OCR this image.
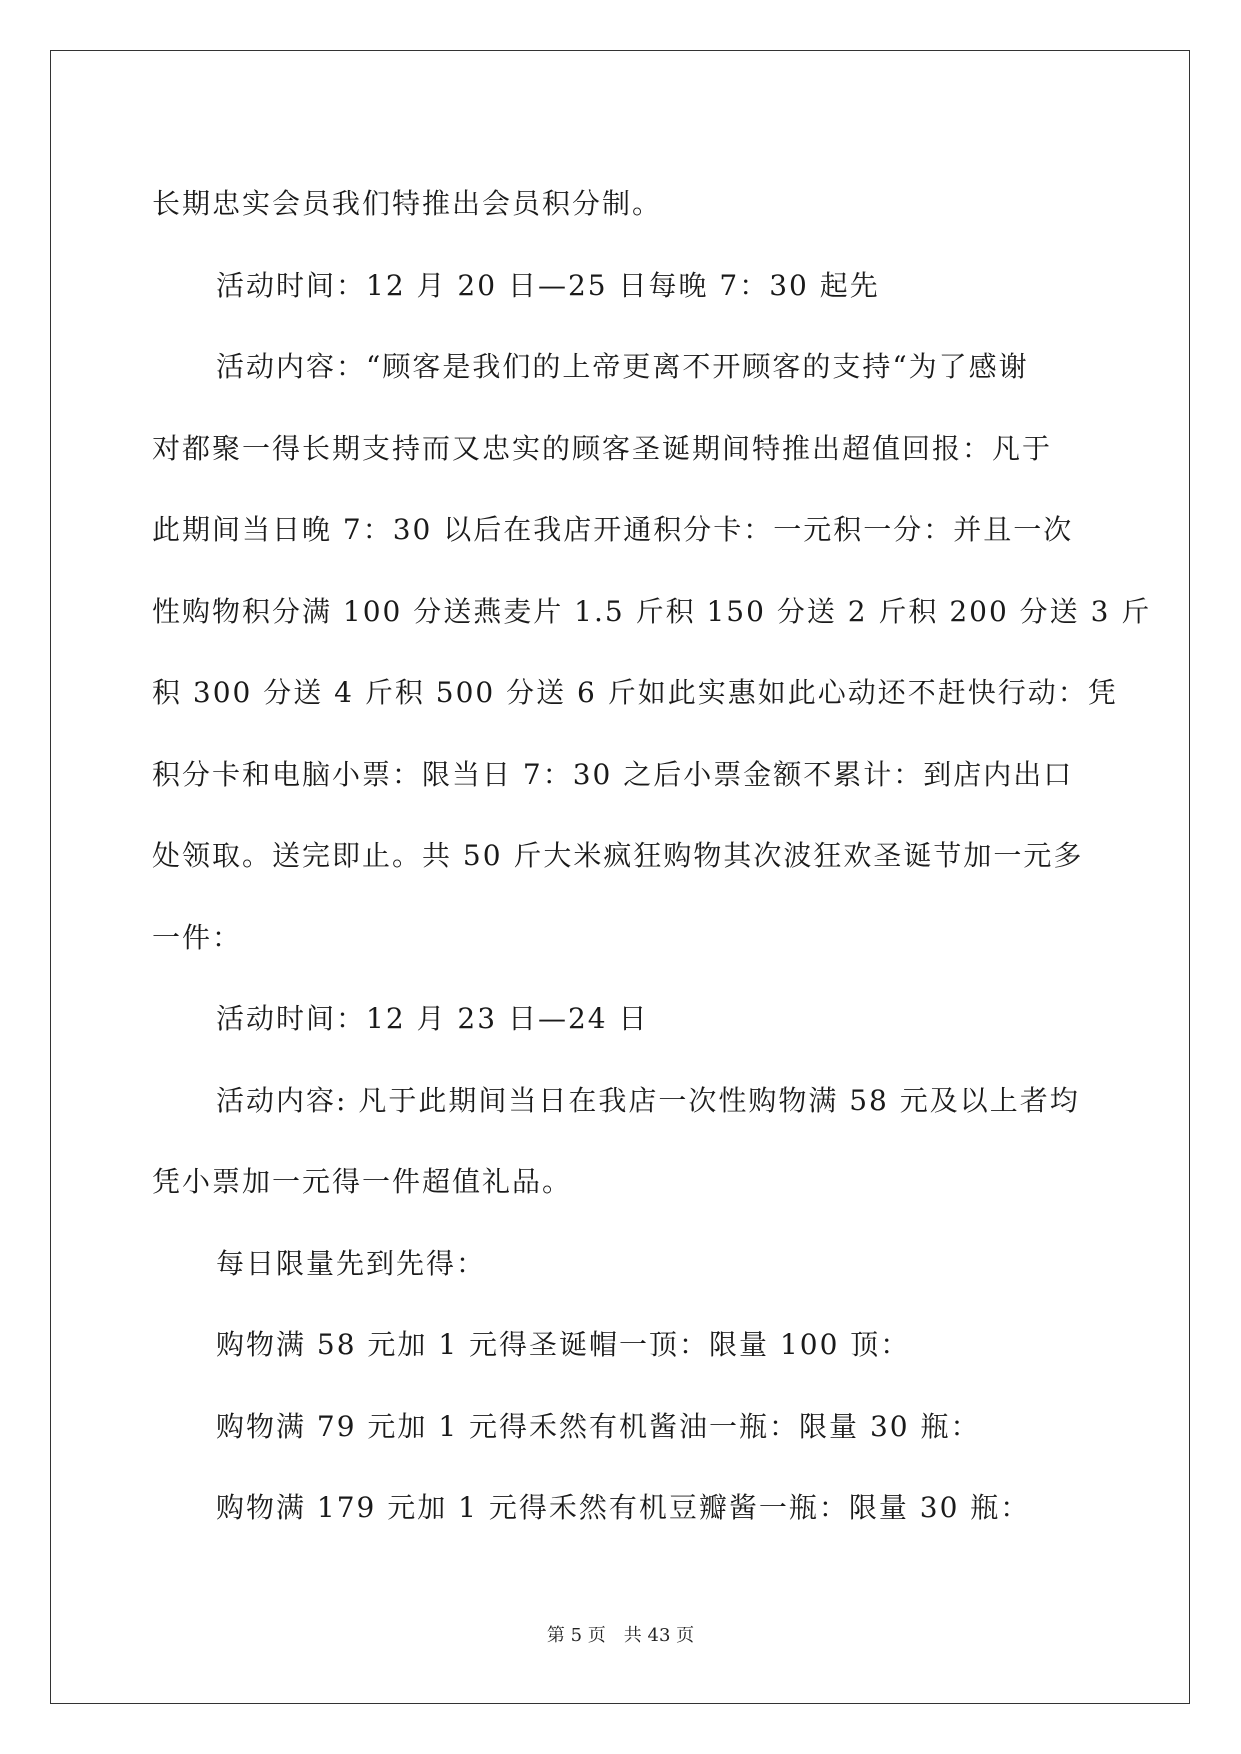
长期忠实会员我们特推出会员积分制。
活动时间：12 月 20 日—25 日每晚 7：30 起先
活动内容：“顾客是我们的上帝更离不开顾客的支持“为了感谢
对都聚一得长期支持而又忠实的顾客圣诞期间特推出超值回报：凡于
此期间当日晚 7：30 以后在我店开通积分卡：一元积一分：并且一次
性购物积分满 100 分送燕麦片 1.5 斤积 150 分送 2 斤积 200 分送 3 斤
积 300 分送 4 斤积 500 分送 6 斤如此实惠如此心动还不赶快行动：凭
积分卡和电脑小票：限当日 7：30 之后小票金额不累计：到店内出口
处领取。送完即止。共 50 斤大米疯狂购物其次波狂欢圣诞节加一元多
一件：
活动时间：12 月 23 日—24 日
活动内容: 凡于此期间当日在我店一次性购物满 58 元及以上者均
凭小票加一元得一件超值礼品。
每日限量先到先得：
购物满 58 元加 1 元得圣诞帽一顶：限量 100 顶：
购物满 79 元加 1 元得禾然有机酱油一瓶：限量 30 瓶：
购物满 179 元加 1 元得禾然有机豆瓣酱一瓶：限量 30 瓶：
第 5 页 共 43 页
